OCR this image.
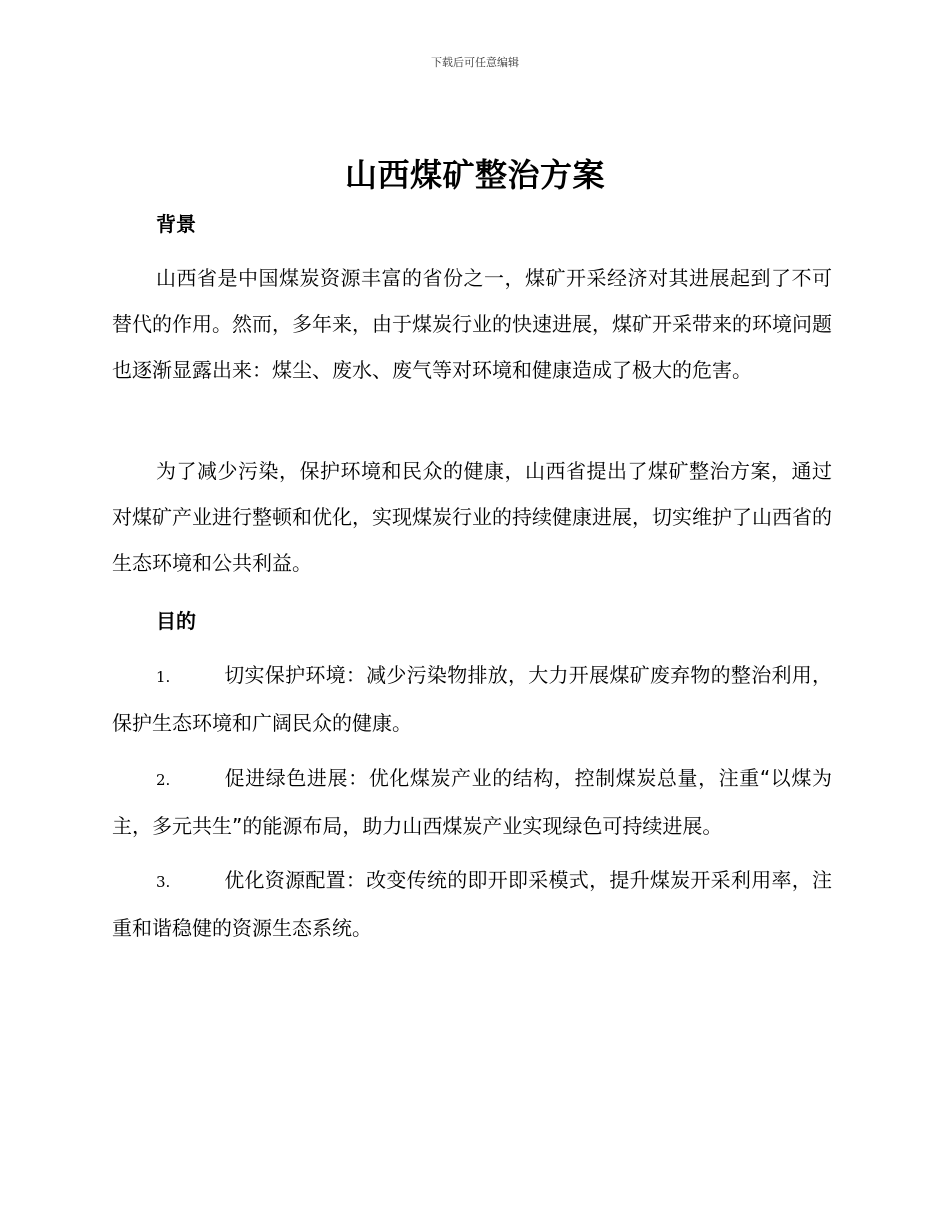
下载后可任意编辑
山西煤矿整治方案
背景
山西省是中国煤炭资源丰富的省份之一，煤矿开采经济对其进展起到了不可替代的作用。然而，多年来，由于煤炭行业的快速进展，煤矿开采带来的环境问题也逐渐显露出来：煤尘、废水、废气等对环境和健康造成了极大的危害。
为了减少污染，保护环境和民众的健康，山西省提出了煤矿整治方案，通过对煤矿产业进行整顿和优化，实现煤炭行业的持续健康进展，切实维护了山西省的生态环境和公共利益。
目的
1.	切实保护环境：减少污染物排放，大力开展煤矿废弃物的整治利用，保护生态环境和广阔民众的健康。
2.	促进绿色进展：优化煤炭产业的结构，控制煤炭总量，注重“以煤为主，多元共生”的能源布局，助力山西煤炭产业实现绿色可持续进展。
3.	优化资源配置：改变传统的即开即采模式，提升煤炭开采利用率，注重和谐稳健的资源生态系统。
